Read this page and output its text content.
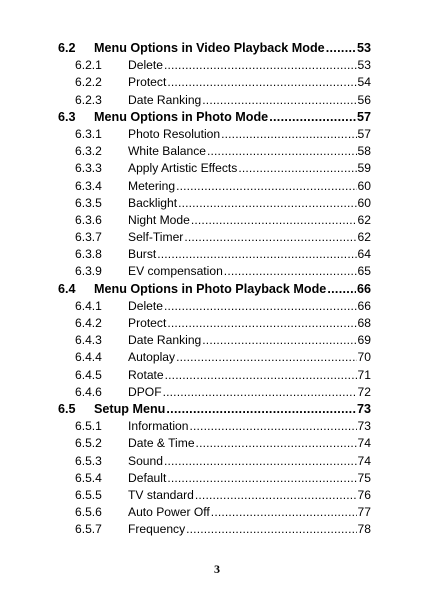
6.2	Menu Options in Video Playback Mode . . .	53
6.2.1	Delete . . .	53
6.2.2	Protect . . .	54
6.2.3	Date Ranking . . .	56
6.3	Menu Options in Photo Mode . . .	57
6.3.1	Photo Resolution . . .	57
6.3.2	White Balance . . .	58
6.3.3	Apply Artistic Effects . . .	59
6.3.4	Metering . . .	60
6.3.5	Backlight . . .	60
6.3.6	Night Mode . . .	62
6.3.7	Self-Timer . . .	62
6.3.8	Burst . . .	64
6.3.9	EV compensation . . .	65
6.4	Menu Options in Photo Playback Mode . . . 66
6.4.1	Delete . . .	66
6.4.2	Protect . . .	68
6.4.3	Date Ranking . . .	69
6.4.4	Autoplay . . .	70
6.4.5	Rotate . . .	71
6.4.6	DPOF . . .	72
6.5	Setup Menu . . .	73
6.5.1	Information . . .	73
6.5.2	Date & Time . . .	74
6.5.3	Sound . . .	74
6.5.4	Default . . .	75
6.5.5	TV standard . . .	76
6.5.6	Auto Power Off . . .	77
6.5.7	Frequency . . .	78
3
